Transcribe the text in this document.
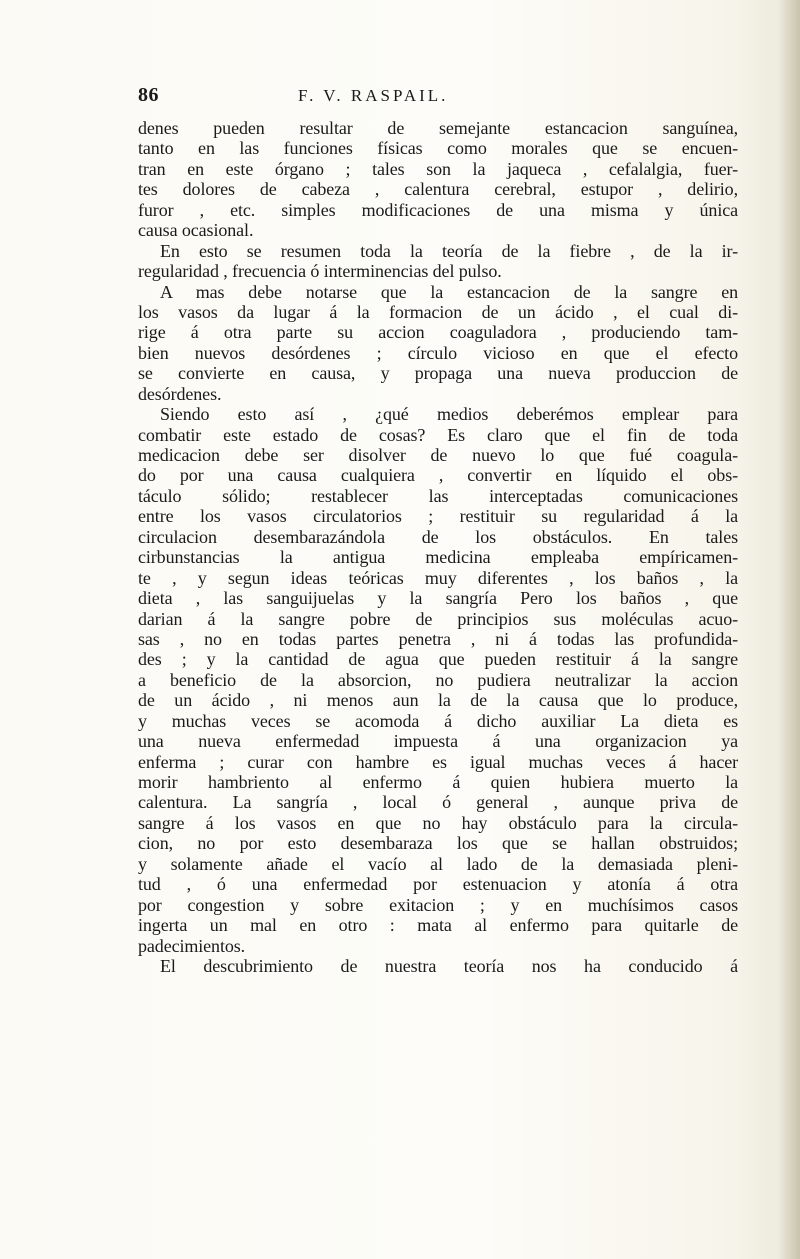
86	F. V. RASPAIL.
denes pueden resultar de semejante estancacion sanguínea,
tanto en las funciones físicas como morales que se encuen-
tran en este órgano ; tales son la jaqueca , cefalalgia, fuer-
tes dolores de cabeza , calentura cerebral, estupor , delirio,
furor , etc. simples modificaciones de una misma y única
causa ocasional.
En esto se resumen toda la teoría de la fiebre , de la ir-
regularidad , frecuencia ó interminencias del pulso.
A mas debe notarse que la estancacion de la sangre en
los vasos da lugar á la formacion de un ácido , el cual di-
rige á otra parte su accion coaguladora , produciendo tam-
bien nuevos desórdenes ; círculo vicioso en que el efecto
se convierte en causa, y propaga una nueva produccion de
desórdenes.
Siendo esto así , ¿qué medios deberémos emplear para
combatir este estado de cosas? Es claro que el fin de toda
medicacion debe ser disolver de nuevo lo que fué coagula-
do por una causa cualquiera , convertir en líquido el obs-
táculo sólido; restablecer las interceptadas comunicaciones
entre los vasos circulatorios ; restituir su regularidad á la
circulacion desembarazándola de los obstáculos. En tales
cirbunstancias la antigua medicina empleaba empíricamen-
te , y segun ideas teóricas muy diferentes , los baños , la
dieta , las sanguijuelas y la sangría Pero los baños , que
darian á la sangre pobre de principios sus moléculas acuo-
sas , no en todas partes penetra , ni á todas las profundida-
des ; y la cantidad de agua que pueden restituir á la sangre
a beneficio de la absorcion, no pudiera neutralizar la accion
de un ácido , ni menos aun la de la causa que lo produce,
y muchas veces se acomoda á dicho auxiliar La dieta es
una nueva enfermedad impuesta á una organizacion ya
enferma ; curar con hambre es igual muchas veces á hacer
morir hambriento al enfermo á quien hubiera muerto la
calentura. La sangría , local ó general , aunque priva de
sangre á los vasos en que no hay obstáculo para la circula-
cion, no por esto desembaraza los que se hallan obstruidos;
y solamente añade el vacío al lado de la demasiada pleni-
tud , ó una enfermedad por estenuacion y atonía á otra
por congestion y sobre exitacion ; y en muchísimos casos
ingerta un mal en otro : mata al enfermo para quitarle de
padecimientos.
El descubrimiento de nuestra teoría nos ha conducido á
